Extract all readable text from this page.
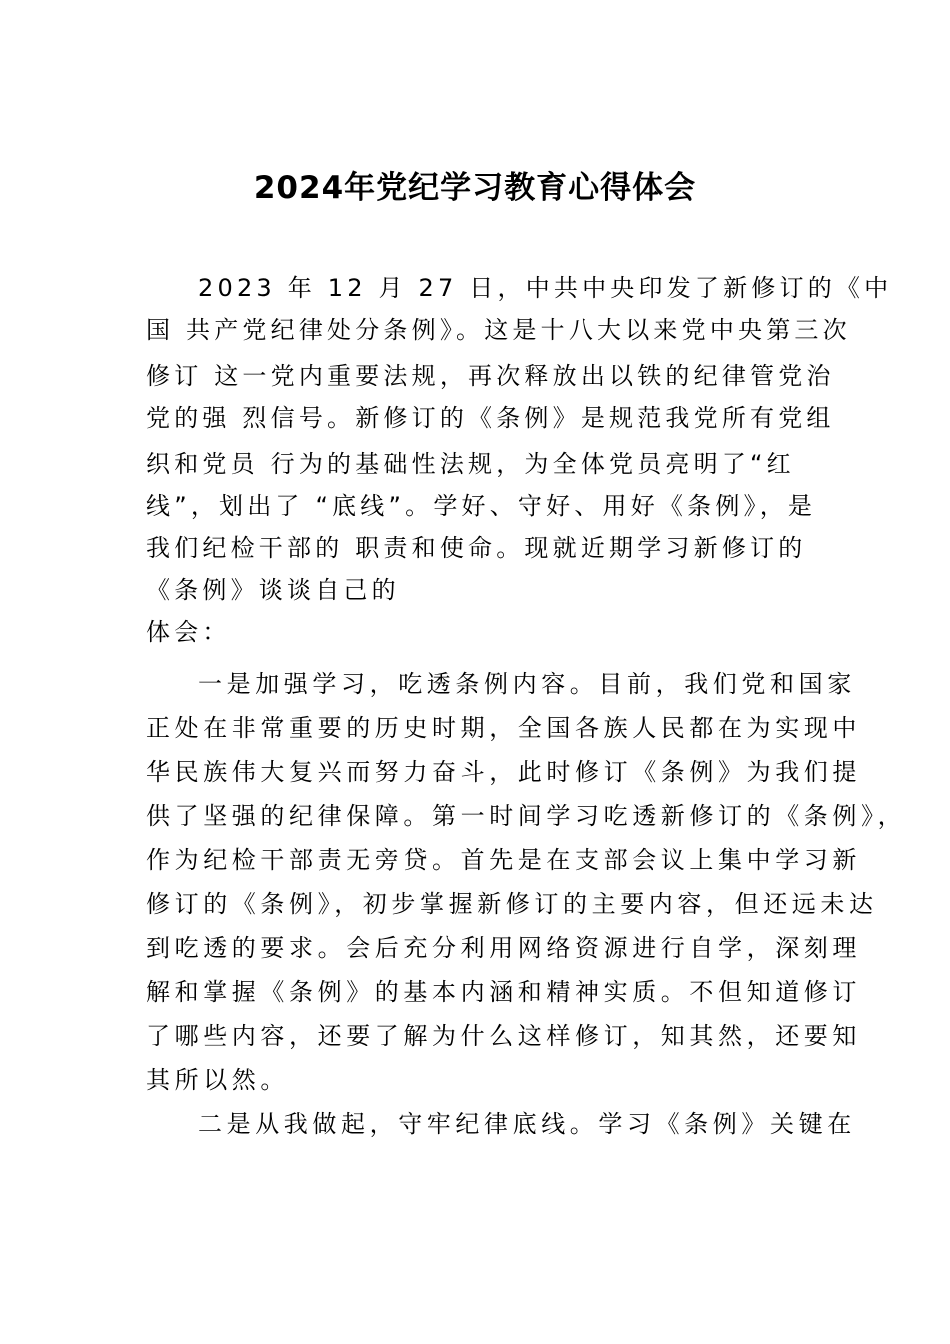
2024年党纪学习教育心得体会
2023 年 12 月 27 日，中共中央印发了新修订的《中
国 共产党纪律处分条例》。这是十八大以来党中央第三次
修订 这一党内重要法规，再次释放出以铁的纪律管党治
党的强 烈信号。新修订的《条例》是规范我党所有党组
织和党员 行为的基础性法规，为全体党员亮明了“红
线”，划出了 “底线”。学好、守好、用好《条例》，是
我们纪检干部的 职责和使命。现就近期学习新修订的
《条例》谈谈自己的
体会：
一是加强学习，吃透条例内容。目前，我们党和国家
正处在非常重要的历史时期，全国各族人民都在为实现中
华民族伟大复兴而努力奋斗，此时修订《条例》为我们提
供了坚强的纪律保障。第一时间学习吃透新修订的《条例》，
作为纪检干部责无旁贷。首先是在支部会议上集中学习新
修订的《条例》，初步掌握新修订的主要内容，但还远未达
到吃透的要求。会后充分利用网络资源进行自学，深刻理
解和掌握《条例》的基本内涵和精神实质。不但知道修订
了哪些内容，还要了解为什么这样修订，知其然，还要知
其所以然。
二是从我做起，守牢纪律底线。学习《条例》关键在
